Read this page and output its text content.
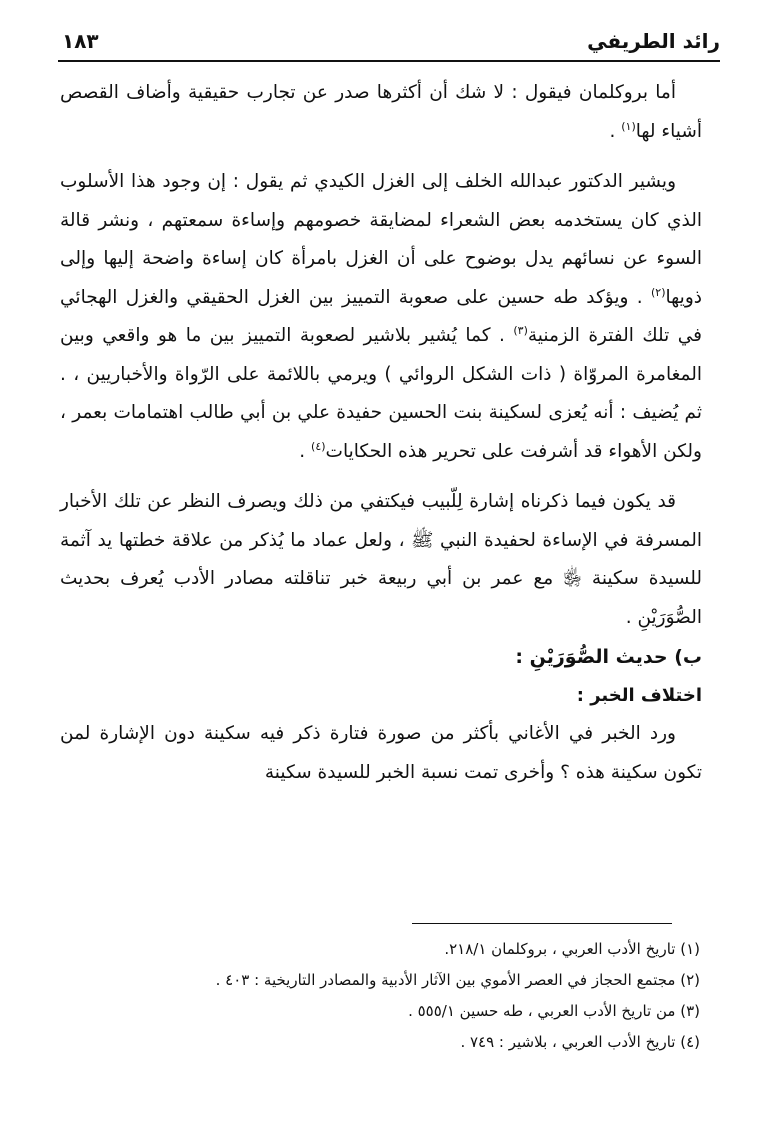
١٨٣	رائد الطريفي

أما بروكلمان فيقول : لا شك أن أكثرها صدر عن تجارب حقيقية وأضاف القصص أشياء لها$^{(١)}$ .

ويشير الدكتور عبدالله الخلف إلى الغزل الكيدي ثم يقول : إن وجود هذا الأسلوب الذي كان يستخدمه بعض الشعراء لمضايقة خصومهم وإساءة سمعتهم ، ونشر قالة السوء عن نسائهم يدل بوضوح على أن الغزل بامرأة كان إساءة واضحة إليها وإلى ذويها$^{(٢)}$ . ويؤكد طه حسين على صعوبة التمييز بين الغزل الحقيقي والغزل الهجائي في تلك الفترة الزمنية$^{(٣)}$ . كما يُشير بلاشير لصعوبة التمييز بين ما هو واقعي وبين المغامرة المروّاة ( ذات الشكل الروائي ) ويرمي باللائمة على الرّواة والأخباريين ، . ثم يُضيف : أنه يُعزى لسكينة بنت الحسين حفيدة علي بن أبي طالب اهتمامات بعمر ، ولكن الأهواء قد أشرفت على تحرير هذه الحكايات$^{(٤)}$ .

قد يكون فيما ذكرناه إشارة لِلّبيب فيكتفي من ذلك ويصرف النظر عن تلك الأخبار المسرفة في الإساءة لحفيدة النبي ﷺ ، ولعل عماد ما يُذكر من علاقة خطتها يد آثمة للسيدة سكينة ﵂ مع عمر بن أبي ربيعة خبر تناقلته مصادر الأدب يُعرف بحديث الصُّوَرَيْنِ .

ب) حديث الصُّوَرَيْنِ :

اختلاف الخبر :

ورد الخبر في الأغاني بأكثر من صورة فتارة ذكر فيه سكينة دون الإشارة لمن تكون سكينة هذه ؟ وأخرى تمت نسبة الخبر للسيدة سكينة

(١) تاريخ الأدب العربي ، بروكلمان ٢١٨/١.

(٢) مجتمع الحجاز في العصر الأموي بين الآثار الأدبية والمصادر التاريخية : ٤٠٣ .

(٣) من تاريخ الأدب العربي ، طه حسين ٥٥٥/١ .

(٤) تاريخ الأدب العربي ، بلاشير : ٧٤٩ .
